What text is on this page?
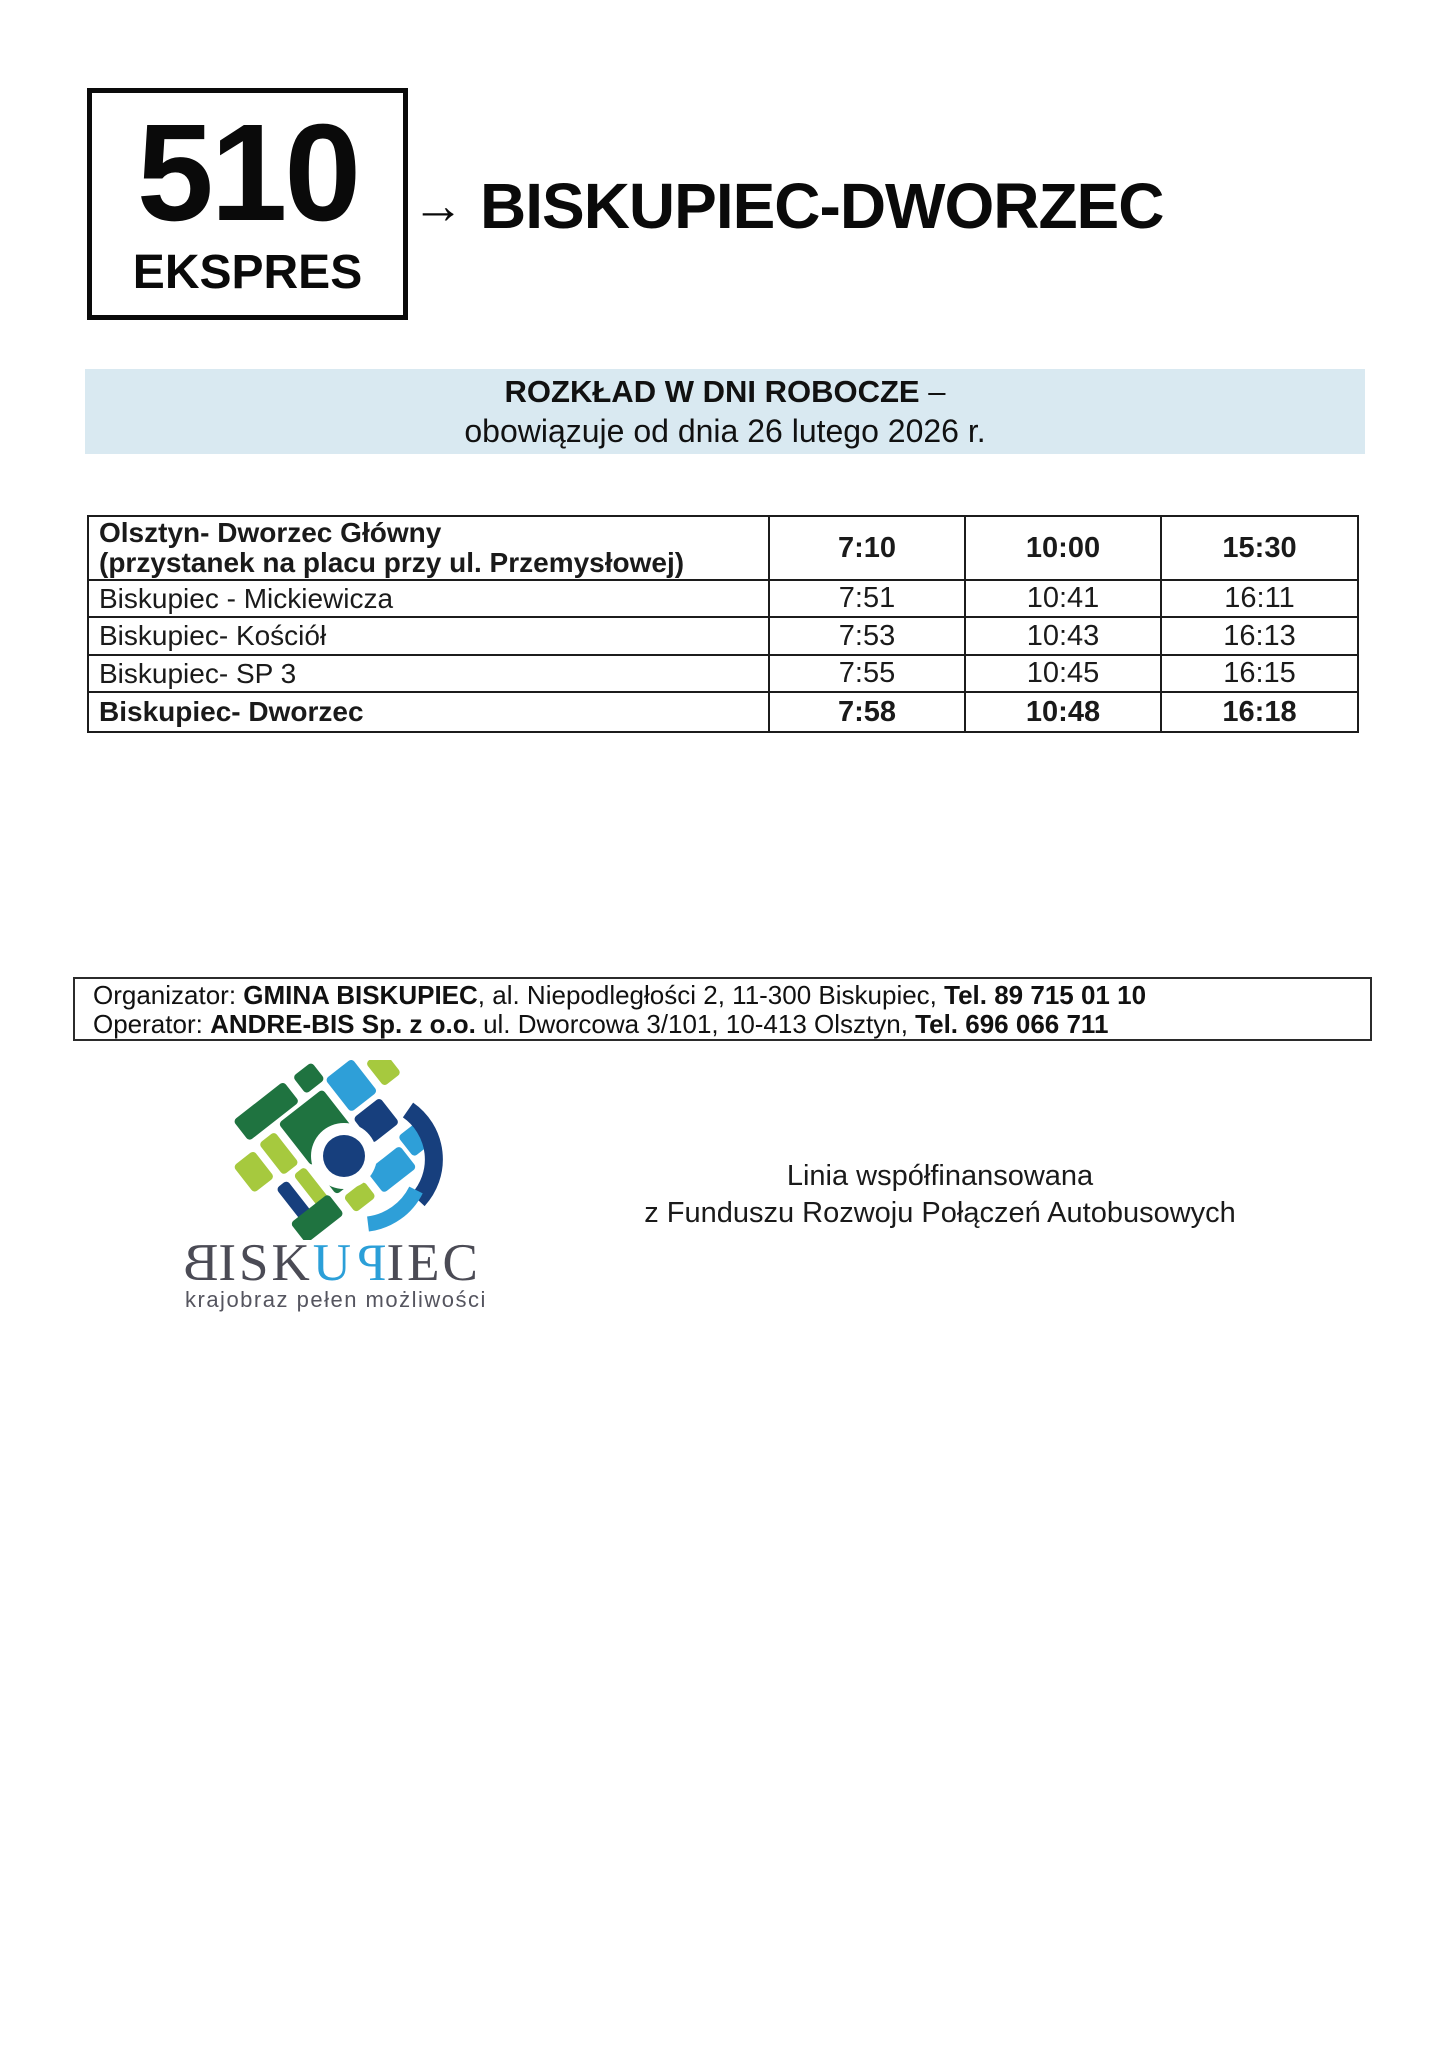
510
EKSPRES
→ BISKUPIEC-DWORZEC
ROZKŁAD W DNI ROBOCZE –
obowiązuje od dnia 26 lutego 2026 r.
Olsztyn- Dworzec Główny
(przystanek na placu przy ul. Przemysłowej)	7:10	10:00	15:30
Biskupiec - Mickiewicza	7:51	10:41	16:11
Biskupiec- Kościół	7:53	10:43	16:13
Biskupiec- SP 3	7:55	10:45	16:15
Biskupiec- Dworzec	7:58	10:48	16:18
Organizator: GMINA BISKUPIEC, al. Niepodległości 2, 11-300 Biskupiec, Tel. 89 715 01 10
Operator: ANDRE-BIS Sp. z o.o. ul. Dworcowa 3/101, 10-413 Olsztyn, Tel. 696 066 711
BISKUPIEC
krajobraz pełen możliwości
Linia współfinansowana
z Funduszu Rozwoju Połączeń Autobusowych
